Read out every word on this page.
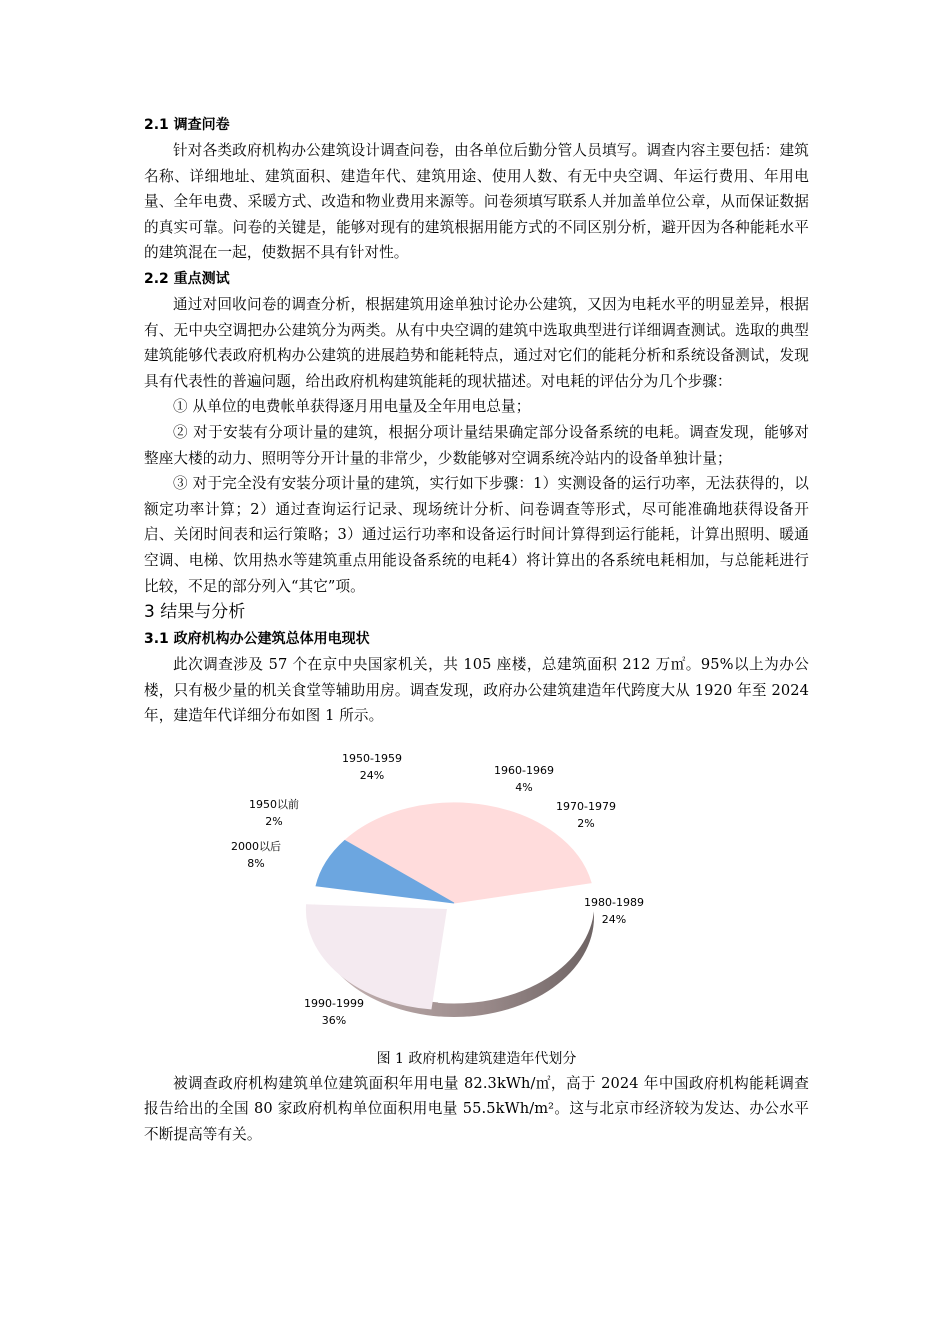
2.1 调查问卷

针对各类政府机构办公建筑设计调查问卷，由各单位后勤分管人员填写。调查内容主要包括：建筑名称、详细地址、建筑面积、建造年代、建筑用途、使用人数、有无中央空调、年运行费用、年用电量、全年电费、采暖方式、改造和物业费用来源等。问卷须填写联系人并加盖单位公章，从而保证数据的真实可靠。问卷的关键是，能够对现有的建筑根据用能方式的不同区别分析，避开因为各种能耗水平的建筑混在一起，使数据不具有针对性。

2.2 重点测试

通过对回收问卷的调查分析，根据建筑用途单独讨论办公建筑，又因为电耗水平的明显差异，根据有、无中央空调把办公建筑分为两类。从有中央空调的建筑中选取典型进行详细调查测试。选取的典型建筑能够代表政府机构办公建筑的进展趋势和能耗特点，通过对它们的能耗分析和系统设备测试，发现具有代表性的普遍问题，给出政府机构建筑能耗的现状描述。对电耗的评估分为几个步骤：

① 从单位的电费帐单获得逐月用电量及全年用电总量；

② 对于安装有分项计量的建筑，根据分项计量结果确定部分设备系统的电耗。调查发现，能够对整座大楼的动力、照明等分开计量的非常少，少数能够对空调系统冷站内的设备单独计量；

③ 对于完全没有安装分项计量的建筑，实行如下步骤：1）实测设备的运行功率，无法获得的，以额定功率计算；2）通过查询运行记录、现场统计分析、问卷调查等形式，尽可能准确地获得设备开启、关闭时间表和运行策略；3）通过运行功率和设备运行时间计算得到运行能耗，计算出照明、暖通空调、电梯、饮用热水等建筑重点用能设备系统的电耗4）将计算出的各系统电耗相加，与总能耗进行比较，不足的部分列入“其它”项。

3 结果与分析
3.1 政府机构办公建筑总体用电现状

此次调查涉及 57 个在京中央国家机关，共 105 座楼，总建筑面积 212 万㎡。95%以上为办公楼，只有极少量的机关食堂等辅助用房。调查发现，政府办公建筑建造年代跨度大从 1920 年至 2024 年，建造年代详细分布如图 1 所示。

1950以前
2%
1950-1959
24%	1960-1969
4%
1970-1979
2%
1980-1989
24%
1990-1999
36%
2000以后
8%
图 1 政府机构建筑建造年代划分

被调查政府机构建筑单位建筑面积年用电量 82.3kWh/㎡，高于 2024 年中国政府机构能耗调查报告给出的全国 80 家政府机构单位面积用电量 55.5kWh/m²。这与北京市经济较为发达、办公水平不断提高等有关。
